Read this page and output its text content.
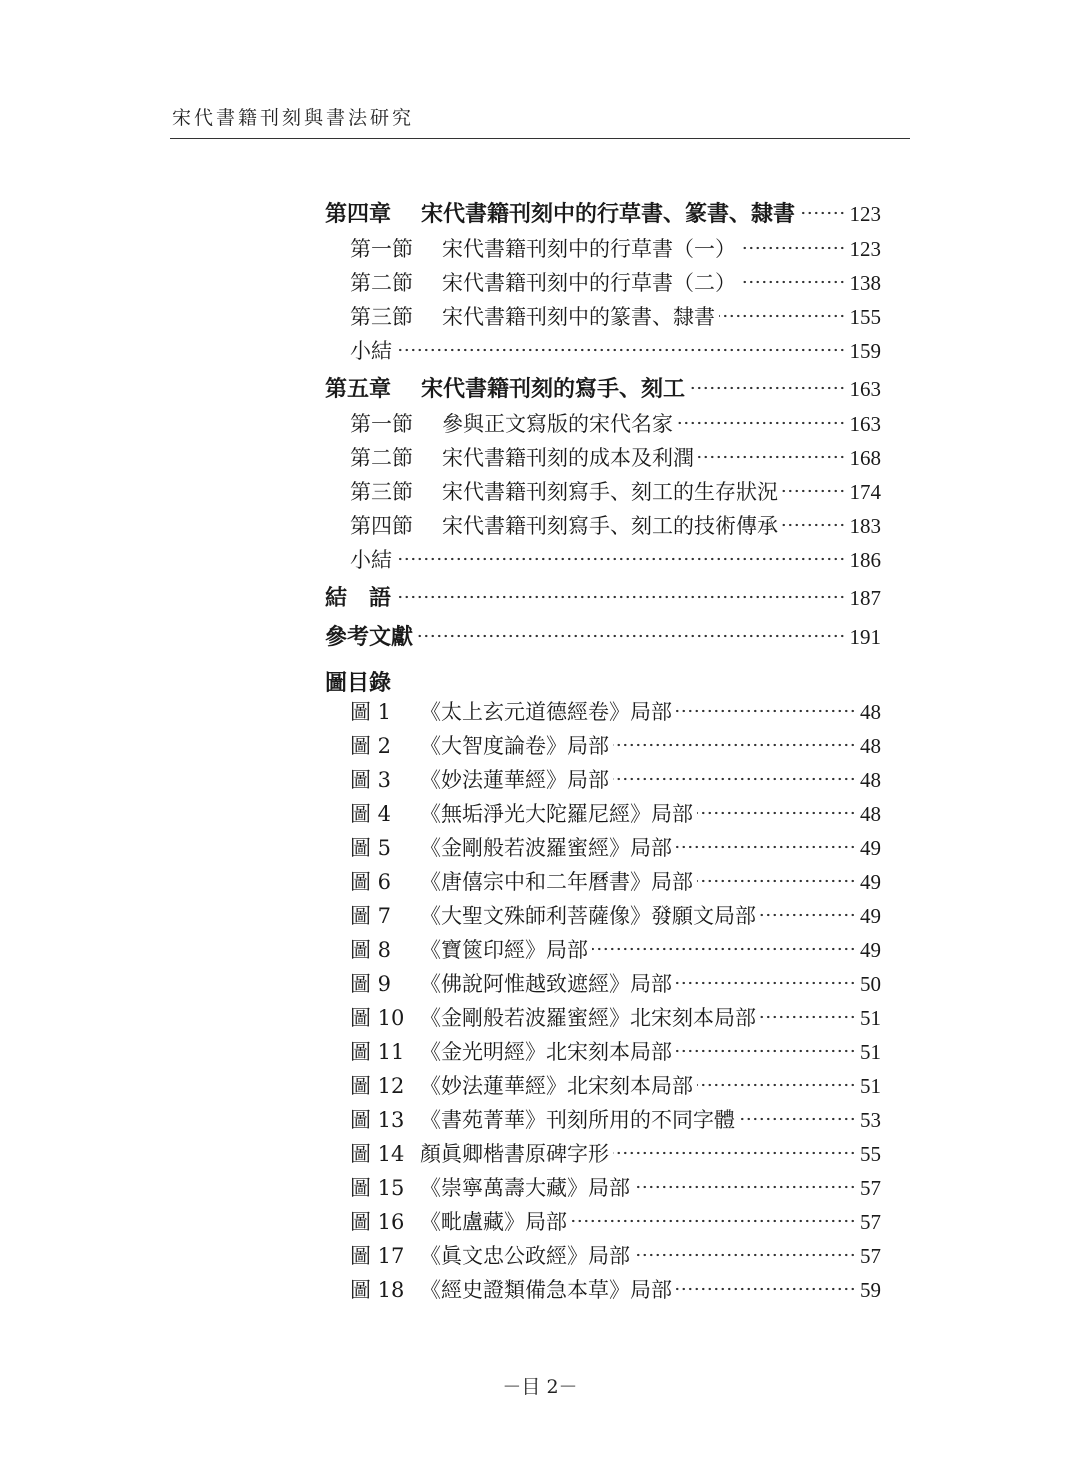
宋代書籍刊刻與書法研究
第四章	宋代書籍刊刻中的行草書、篆書、隸書	123
第一節	宋代書籍刊刻中的行草書（一）	123
第二節	宋代書籍刊刻中的行草書（二）	138
第三節	宋代書籍刊刻中的篆書、隸書	155
小結	159
第五章	宋代書籍刊刻的寫手、刻工	163
第一節	參與正文寫版的宋代名家	163
第二節	宋代書籍刊刻的成本及利潤	168
第三節	宋代書籍刊刻寫手、刻工的生存狀況	174
第四節	宋代書籍刊刻寫手、刻工的技術傳承	183
小結	186
結　語	187
參考文獻	191
圖目錄
圖 1	《太上玄元道德經卷》局部	48
圖 2	《大智度論卷》局部	48
圖 3	《妙法蓮華經》局部	48
圖 4	《無垢淨光大陀羅尼經》局部	48
圖 5	《金剛般若波羅蜜經》局部	49
圖 6	《唐僖宗中和二年曆書》局部	49
圖 7	《大聖文殊師利菩薩像》發願文局部	49
圖 8	《寶篋印經》局部	49
圖 9	《佛說阿惟越致遮經》局部	50
圖 10 《金剛般若波羅蜜經》北宋刻本局部	51
圖 11 《金光明經》北宋刻本局部	51
圖 12 《妙法蓮華經》北宋刻本局部	51
圖 13 《書苑菁華》刊刻所用的不同字體	53
圖 14 顏眞卿楷書原碑字形	55
圖 15 《崇寧萬壽大藏》局部	57
圖 16 《毗盧藏》局部	57
圖 17 《眞文忠公政經》局部	57
圖 18 《經史證類備急本草》局部	59
－目 2－
